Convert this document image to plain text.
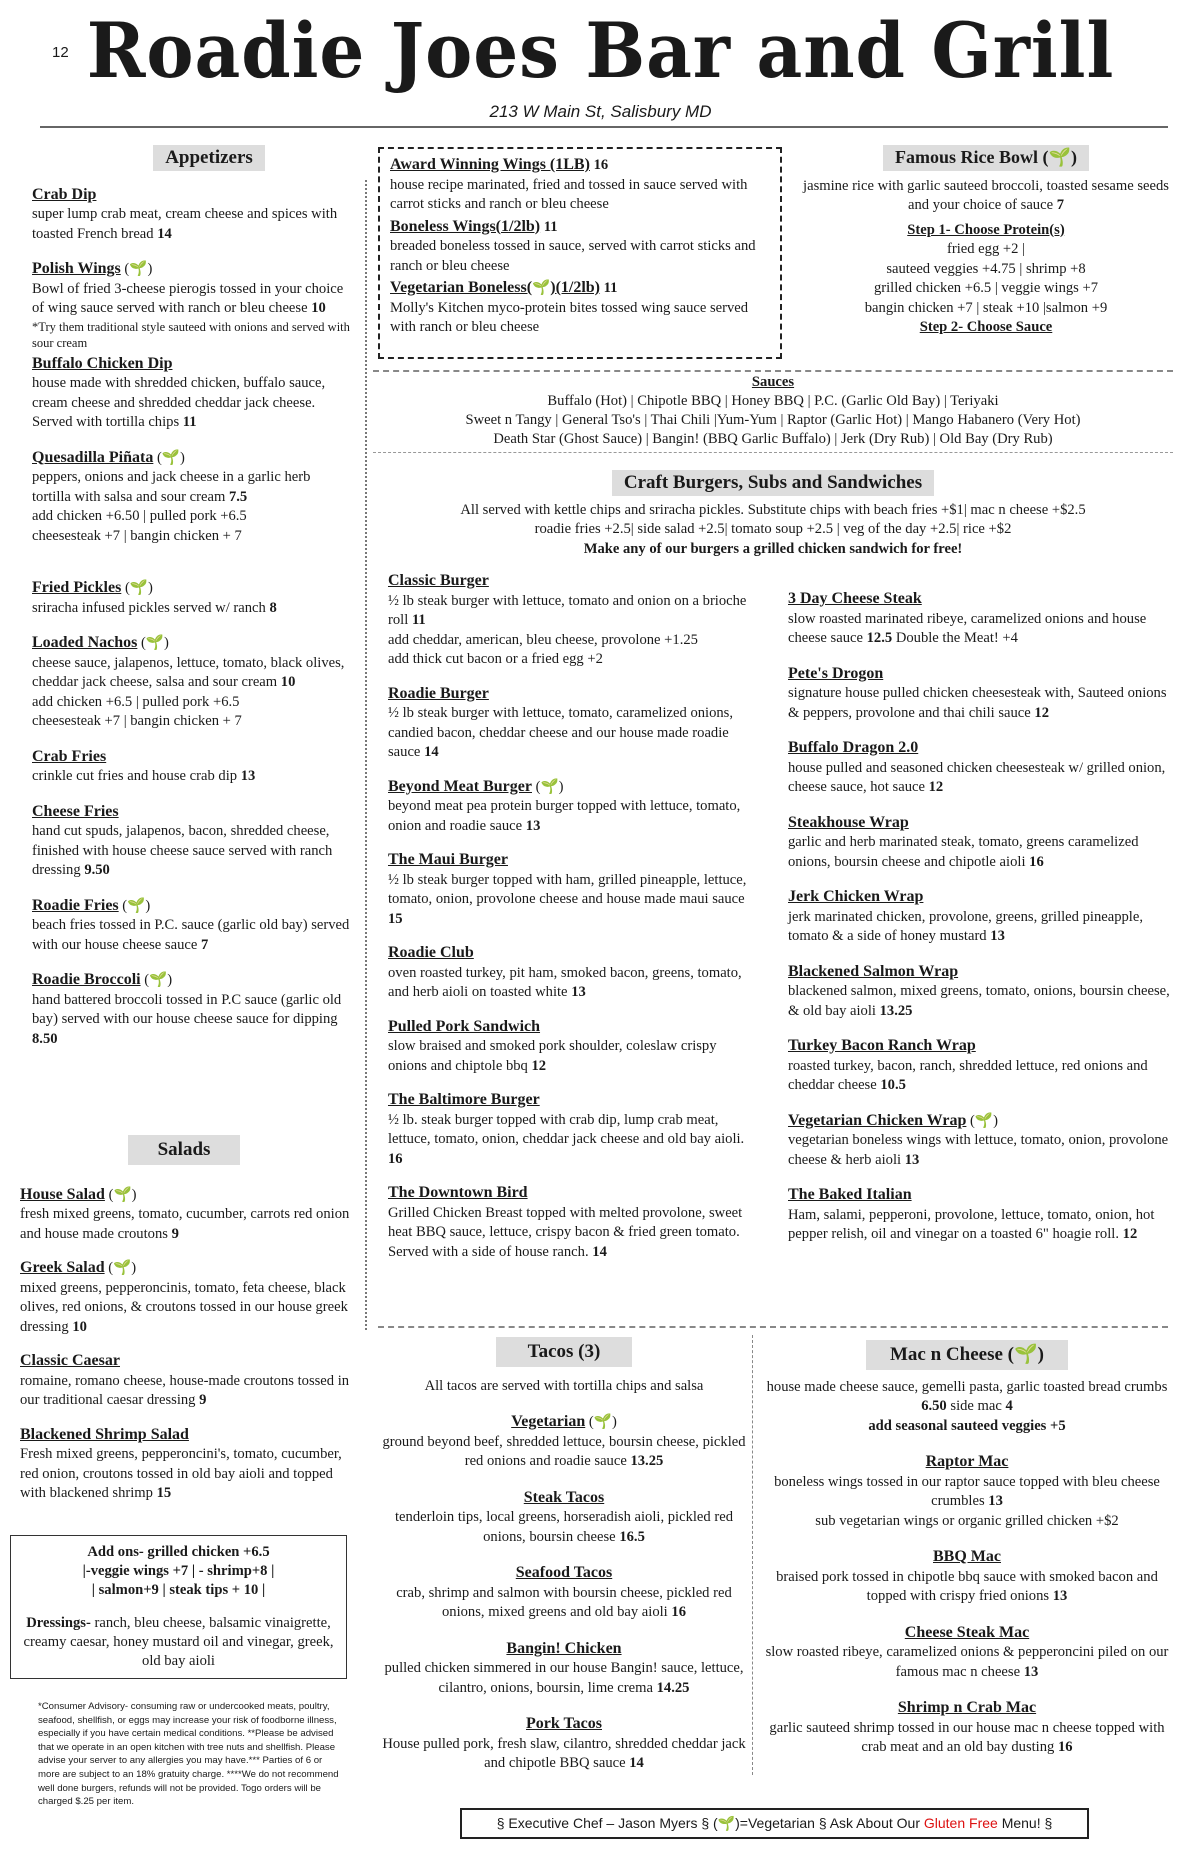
12 Roadie Joes Bar and Grill
213 W Main St, Salisbury MD
Appetizers
Crab Dip
super lump crab meat, cream cheese and spices with toasted French bread 14
Polish Wings (🌱)
Bowl of fried 3-cheese pierogis tossed in your choice of wing sauce served with ranch or bleu cheese 10
*Try them traditional style sauteed with onions and served with sour cream
Buffalo Chicken Dip
house made with shredded chicken, buffalo sauce, cream cheese and shredded cheddar jack cheese. Served with tortilla chips 11
Quesadilla Piñata (🌱)
peppers, onions and jack cheese in a garlic herb tortilla with salsa and sour cream 7.5
add chicken +6.50 | pulled pork +6.5
cheesesteak +7 | bangin chicken + 7
Fried Pickles (🌱)
sriracha infused pickles served w/ ranch 8
Loaded Nachos (🌱)
cheese sauce, jalapenos, lettuce, tomato, black olives, cheddar jack cheese, salsa and sour cream 10
add chicken +6.5 | pulled pork +6.5
cheesesteak +7 | bangin chicken + 7
Crab Fries
crinkle cut fries and house crab dip 13
Cheese Fries
hand cut spuds, jalapenos, bacon, shredded cheese, finished with house cheese sauce served with ranch dressing 9.50
Roadie Fries (🌱)
beach fries tossed in P.C. sauce (garlic old bay) served with our house cheese sauce 7
Roadie Broccoli (🌱)
hand battered broccoli tossed in P.C sauce (garlic old bay) served with our house cheese sauce for dipping 8.50
Salads
House Salad (🌱)
fresh mixed greens, tomato, cucumber, carrots red onion and house made croutons 9
Greek Salad (🌱)
mixed greens, pepperoncinis, tomato, feta cheese, black olives, red onions, & croutons tossed in our house greek dressing 10
Classic Caesar
romaine, romano cheese, house-made croutons tossed in our traditional caesar dressing 9
Blackened Shrimp Salad
Fresh mixed greens, pepperoncini's, tomato, cucumber, red onion, croutons tossed in old bay aioli and topped with blackened shrimp 15
Add ons- grilled chicken +6.5
|-veggie wings +7 | - shrimp+8 |
| salmon+9 | steak tips + 10 |
Dressings- ranch, bleu cheese, balsamic vinaigrette, creamy caesar, honey mustard oil and vinegar, greek, old bay aioli
*Consumer Advisory- consuming raw or undercooked meats, poultry, seafood, shellfish, or eggs may increase your risk of foodborne illness, especially if you have certain medical conditions. **Please be advised that we operate in an open kitchen with tree nuts and shellfish. Please advise your server to any allergies you may have.*** Parties of 6 or more are subject to an 18% gratuity charge. ****We do not recommend well done burgers, refunds will not be provided. Togo orders will be charged $.25 per item.
Award Winning Wings (1LB) 16
house recipe marinated, fried and tossed in sauce served with carrot sticks and ranch or bleu cheese
Boneless Wings(1/2lb) 11
breaded boneless tossed in sauce, served with carrot sticks and ranch or bleu cheese
Vegetarian Boneless(🌱)(1/2lb) 11
Molly's Kitchen myco-protein bites tossed wing sauce served with ranch or bleu cheese
Famous Rice Bowl (🌱)
jasmine rice with garlic sauteed broccoli, toasted sesame seeds and your choice of sauce 7
Step 1- Choose Protein(s)
fried egg +2 |
sauteed veggies +4.75 | shrimp +8
grilled chicken +6.5 | veggie wings +7
bangin chicken +7 | steak +10 |salmon +9
Step 2- Choose Sauce
Sauces
Buffalo (Hot) | Chipotle BBQ | Honey BBQ | P.C. (Garlic Old Bay) | Teriyaki
Sweet n Tangy | General Tso's | Thai Chili |Yum-Yum | Raptor (Garlic Hot) | Mango Habanero (Very Hot)
Death Star (Ghost Sauce) | Bangin! (BBQ Garlic Buffalo) | Jerk (Dry Rub) | Old Bay (Dry Rub)
Craft Burgers, Subs and Sandwiches
All served with kettle chips and sriracha pickles. Substitute chips with beach fries +$1| mac n cheese +$2.5
roadie fries +2.5| side salad +2.5| tomato soup +2.5 | veg of the day +2.5| rice +$2
Make any of our burgers a grilled chicken sandwich for free!
Classic Burger
½ lb steak burger with lettuce, tomato and onion on a brioche roll 11
add cheddar, american, bleu cheese, provolone +1.25
add thick cut bacon or a fried egg +2
Roadie Burger
½ lb steak burger with lettuce, tomato, caramelized onions, candied bacon, cheddar cheese and our house made roadie sauce 14
Beyond Meat Burger (🌱)
beyond meat pea protein burger topped with lettuce, tomato, onion and roadie sauce 13
The Maui Burger
½ lb steak burger topped with ham, grilled pineapple, lettuce, tomato, onion, provolone cheese and house made maui sauce 15
Roadie Club
oven roasted turkey, pit ham, smoked bacon, greens, tomato, and herb aioli on toasted white 13
Pulled Pork Sandwich
slow braised and smoked pork shoulder, coleslaw crispy onions and chiptole bbq 12
The Baltimore Burger
½ lb. steak burger topped with crab dip, lump crab meat, lettuce, tomato, onion, cheddar jack cheese and old bay aioli. 16
The Downtown Bird
Grilled Chicken Breast topped with melted provolone, sweet heat BBQ sauce, lettuce, crispy bacon & fried green tomato. Served with a side of house ranch. 14
3 Day Cheese Steak
slow roasted marinated ribeye, caramelized onions and house cheese sauce 12.5 Double the Meat! +4
Pete's Drogon
signature house pulled chicken cheesesteak with, Sauteed onions & peppers, provolone and thai chili sauce 12
Buffalo Dragon 2.0
house pulled and seasoned chicken cheesesteak w/ grilled onion, cheese sauce, hot sauce 12
Steakhouse Wrap
garlic and herb marinated steak, tomato, greens caramelized onions, boursin cheese and chipotle aioli 16
Jerk Chicken Wrap
jerk marinated chicken, provolone, greens, grilled pineapple, tomato & a side of honey mustard 13
Blackened Salmon Wrap
blackened salmon, mixed greens, tomato, onions, boursin cheese, & old bay aioli 13.25
Turkey Bacon Ranch Wrap
roasted turkey, bacon, ranch, shredded lettuce, red onions and cheddar cheese 10.5
Vegetarian Chicken Wrap (🌱)
vegetarian boneless wings with lettuce, tomato, onion, provolone cheese & herb aioli 13
The Baked Italian
Ham, salami, pepperoni, provolone, lettuce, tomato, onion, hot pepper relish, oil and vinegar on a toasted 6" hoagie roll. 12
Tacos (3)
All tacos are served with tortilla chips and salsa
Vegetarian (🌱)
ground beyond beef, shredded lettuce, boursin cheese, pickled red onions and roadie sauce 13.25
Steak Tacos
tenderloin tips, local greens, horseradish aioli, pickled red onions, boursin cheese 16.5
Seafood Tacos
crab, shrimp and salmon with boursin cheese, pickled red onions, mixed greens and old bay aioli 16
Bangin! Chicken
pulled chicken simmered in our house Bangin! sauce, lettuce, cilantro, onions, boursin, lime crema 14.25
Pork Tacos
House pulled pork, fresh slaw, cilantro, shredded cheddar jack and chipotle BBQ sauce 14
Mac n Cheese (🌱)
house made cheese sauce, gemelli pasta, garlic toasted bread crumbs 6.50 side mac 4
add seasonal sauteed veggies +5
Raptor Mac
boneless wings tossed in our raptor sauce topped with bleu cheese crumbles 13
sub vegetarian wings or organic grilled chicken +$2
BBQ Mac
braised pork tossed in chipotle bbq sauce with smoked bacon and topped with crispy fried onions 13
Cheese Steak Mac
slow roasted ribeye, caramelized onions & pepperoncini piled on our famous mac n cheese 13
Shrimp n Crab Mac
garlic sauteed shrimp tossed in our house mac n cheese topped with crab meat and an old bay dusting 16
§ Executive Chef – Jason Myers § (🌱)=Vegetarian § Ask About Our Gluten Free Menu! §
